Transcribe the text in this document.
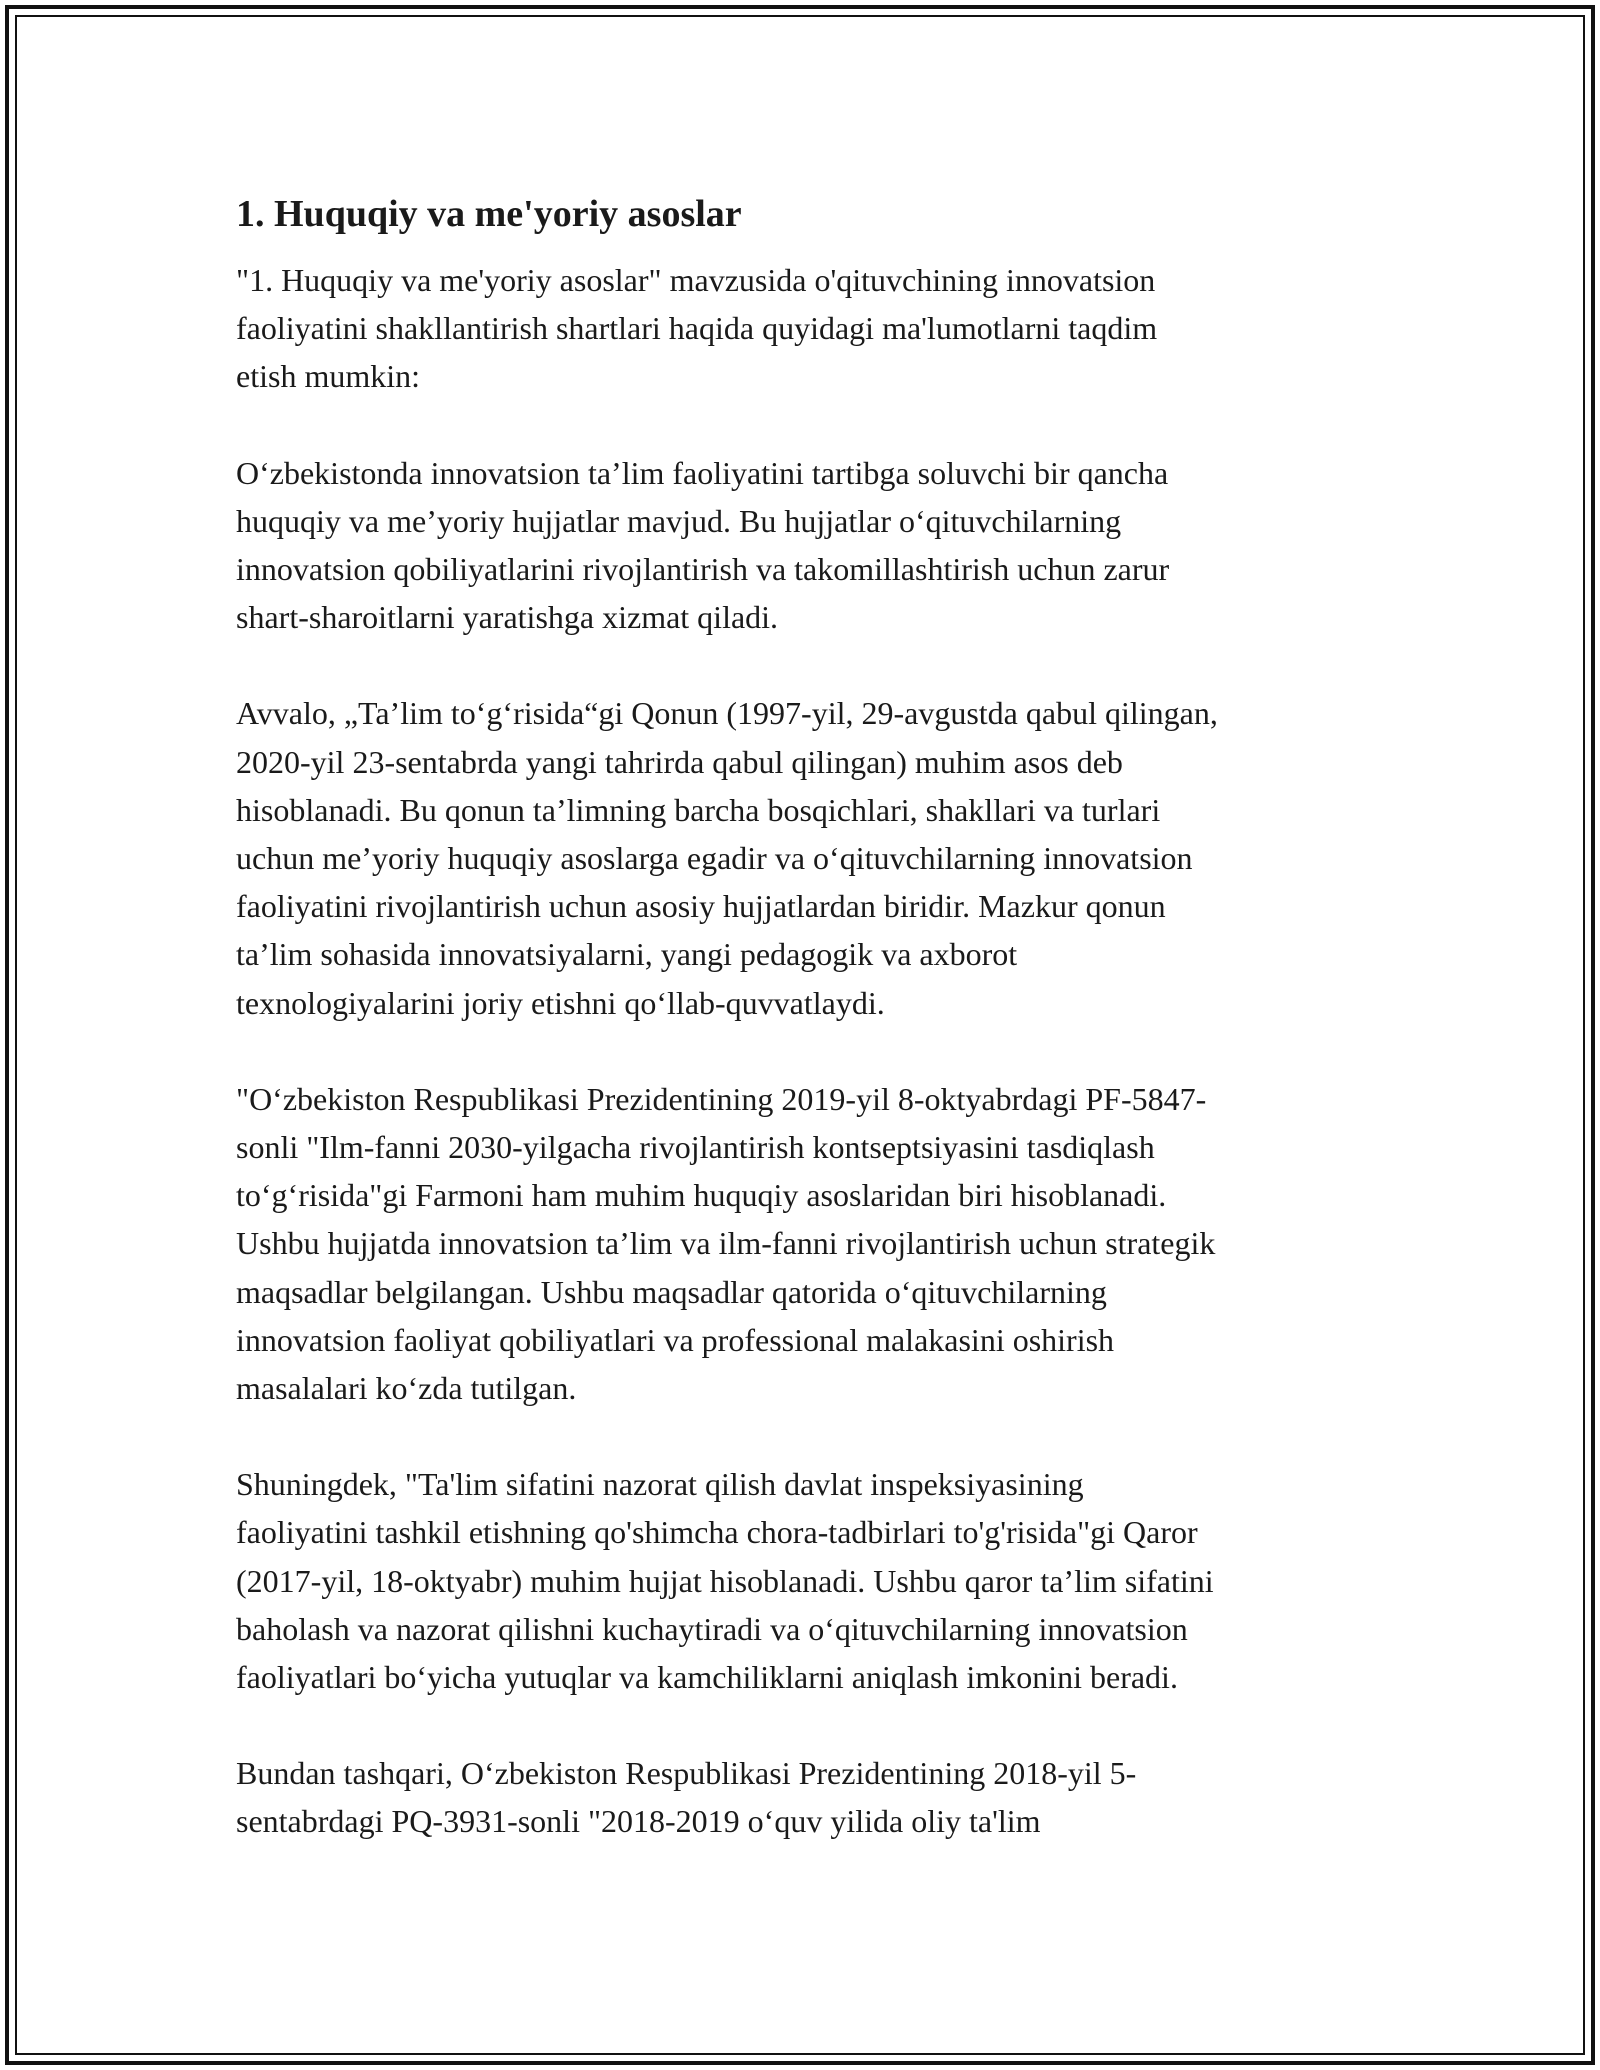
1. Huquqiy va me'yoriy asoslar

"1. Huquqiy va me'yoriy asoslar" mavzusida o'qituvchining innovatsion
faoliyatini shakllantirish shartlari haqida quyidagi ma'lumotlarni taqdim
etish mumkin:

O‘zbekistonda innovatsion ta’lim faoliyatini tartibga soluvchi bir qancha
huquqiy va me’yoriy hujjatlar mavjud. Bu hujjatlar o‘qituvchilarning
innovatsion qobiliyatlarini rivojlantirish va takomillashtirish uchun zarur
shart-sharoitlarni yaratishga xizmat qiladi.

Avvalo, „Ta’lim to‘g‘risida“gi Qonun (1997-yil, 29-avgustda qabul qilingan,
2020-yil 23-sentabrda yangi tahrirda qabul qilingan) muhim asos deb
hisoblanadi. Bu qonun ta’limning barcha bosqichlari, shakllari va turlari
uchun me’yoriy huquqiy asoslarga egadir va o‘qituvchilarning innovatsion
faoliyatini rivojlantirish uchun asosiy hujjatlardan biridir. Mazkur qonun
ta’lim sohasida innovatsiyalarni, yangi pedagogik va axborot
texnologiyalarini joriy etishni qo‘llab-quvvatlaydi.

"O‘zbekiston Respublikasi Prezidentining 2019-yil 8-oktyabrdagi PF-5847-
sonli "Ilm-fanni 2030-yilgacha rivojlantirish kontseptsiyasini tasdiqlash
to‘g‘risida"gi Farmoni ham muhim huquqiy asoslaridan biri hisoblanadi.
Ushbu hujjatda innovatsion ta’lim va ilm-fanni rivojlantirish uchun strategik
maqsadlar belgilangan. Ushbu maqsadlar qatorida o‘qituvchilarning
innovatsion faoliyat qobiliyatlari va professional malakasini oshirish
masalalari ko‘zda tutilgan.

Shuningdek, "Ta'lim sifatini nazorat qilish davlat inspeksiyasining
faoliyatini tashkil etishning qo'shimcha chora-tadbirlari to'g'risida"gi Qaror
(2017-yil, 18-oktyabr) muhim hujjat hisoblanadi. Ushbu qaror ta’lim sifatini
baholash va nazorat qilishni kuchaytiradi va o‘qituvchilarning innovatsion
faoliyatlari bo‘yicha yutuqlar va kamchiliklarni aniqlash imkonini beradi.

Bundan tashqari, O‘zbekiston Respublikasi Prezidentining 2018-yil 5-
sentabrdagi PQ-3931-sonli "2018-2019 o‘quv yilida oliy ta'lim
